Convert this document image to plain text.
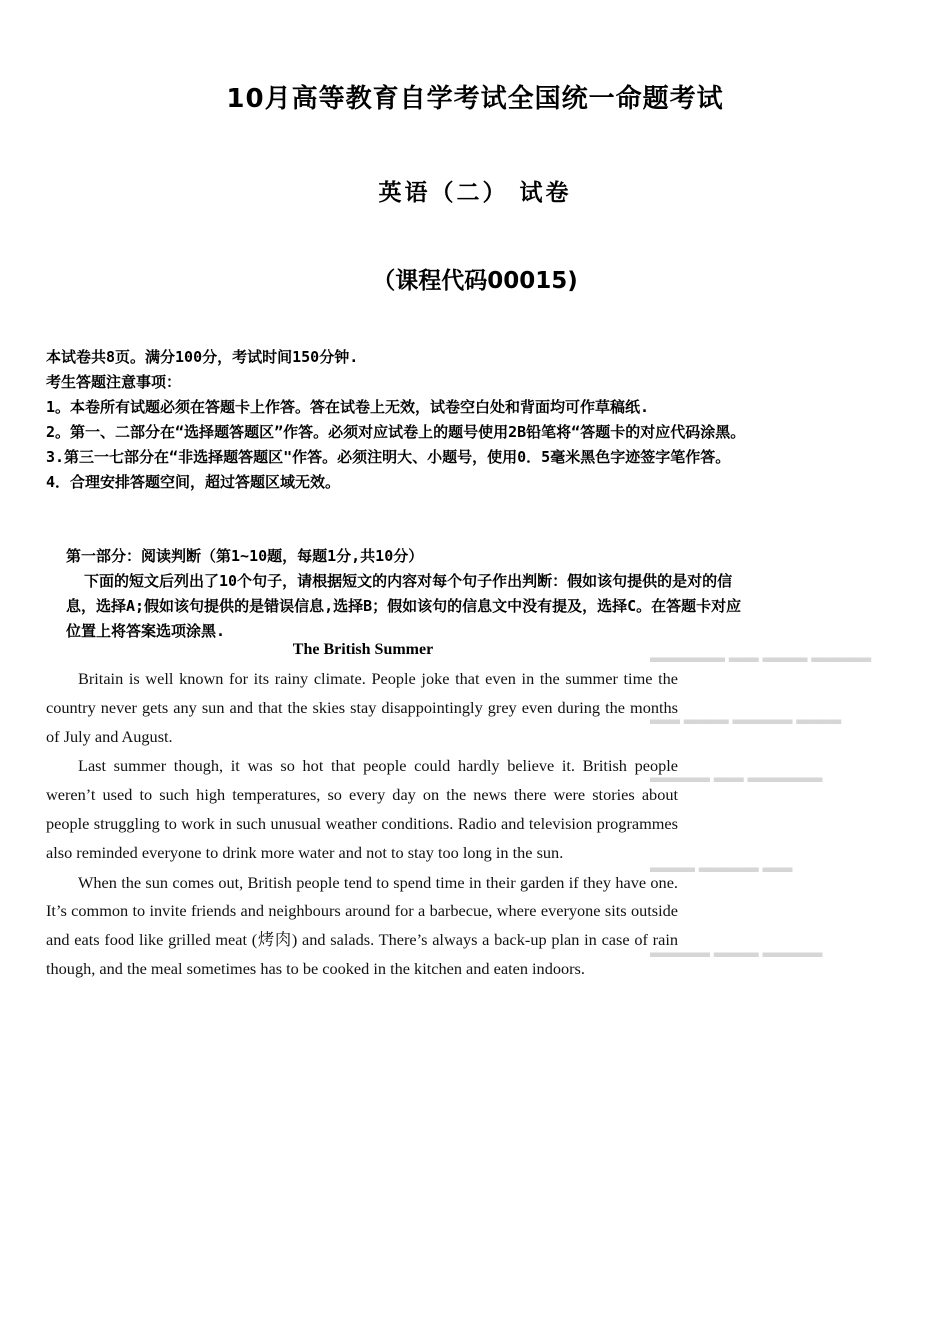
10月高等教育自学考试全国统一命题考试
英语（二） 试卷
（课程代码00015)

本试卷共8页。满分100分，考试时间150分钟.

考生答题注意事项：

1。本卷所有试题必须在答题卡上作答。答在试卷上无效，试卷空白处和背面均可作草稿纸.

2。第一、二部分在“选择题答题区”作答。必须对应试卷上的题号使用2B铅笔将“答题卡的对应代码涂黑。

3.第三一七部分在“非选择题答题区"作答。必须注明大、小题号，使用0．5毫米黑色字迹签字笔作答。

4．合理安排答题空间，超过答题区域无效。

第一部分：阅读判断（第1~10题，每题1分,共10分）
下面的短文后列出了10个句子，请根据短文的内容对每个句子作出判断：假如该句提供的是对的信息，选择A;假如该句提供的是错误信息,选择B；假如该句的信息文中没有提及，选择C。在答题卡对应位置上将答案选项涂黑.
▬▬▬▬ ▬▬▬ ▬▬ ▬▬▬▬▬
▬▬▬ ▬▬▬▬ ▬▬▬ ▬▬
▬▬▬▬▬ ▬▬ ▬▬▬▬
▬▬ ▬▬▬▬ ▬▬▬
▬▬▬▬ ▬▬▬ ▬▬▬▬
The British Summer

Britain is well known for its rainy climate. People joke that even in the summer time the country never gets any sun and that the skies stay disappointingly grey even during the months of July and August.

Last summer though, it was so hot that people could hardly believe it. British people weren’t used to such high temperatures, so every day on the news there were stories about people struggling to work in such unusual weather conditions. Radio and television programmes also reminded everyone to drink more water and not to stay too long in the sun.

When the sun comes out, British people tend to spend time in their garden if they have one. It’s common to invite friends and neighbours around for a barbecue, where everyone sits outside and eats food like grilled meat (烤肉) and salads. There’s always a back-up plan in case of rain though, and the meal sometimes has to be cooked in the kitchen and eaten indoors.
